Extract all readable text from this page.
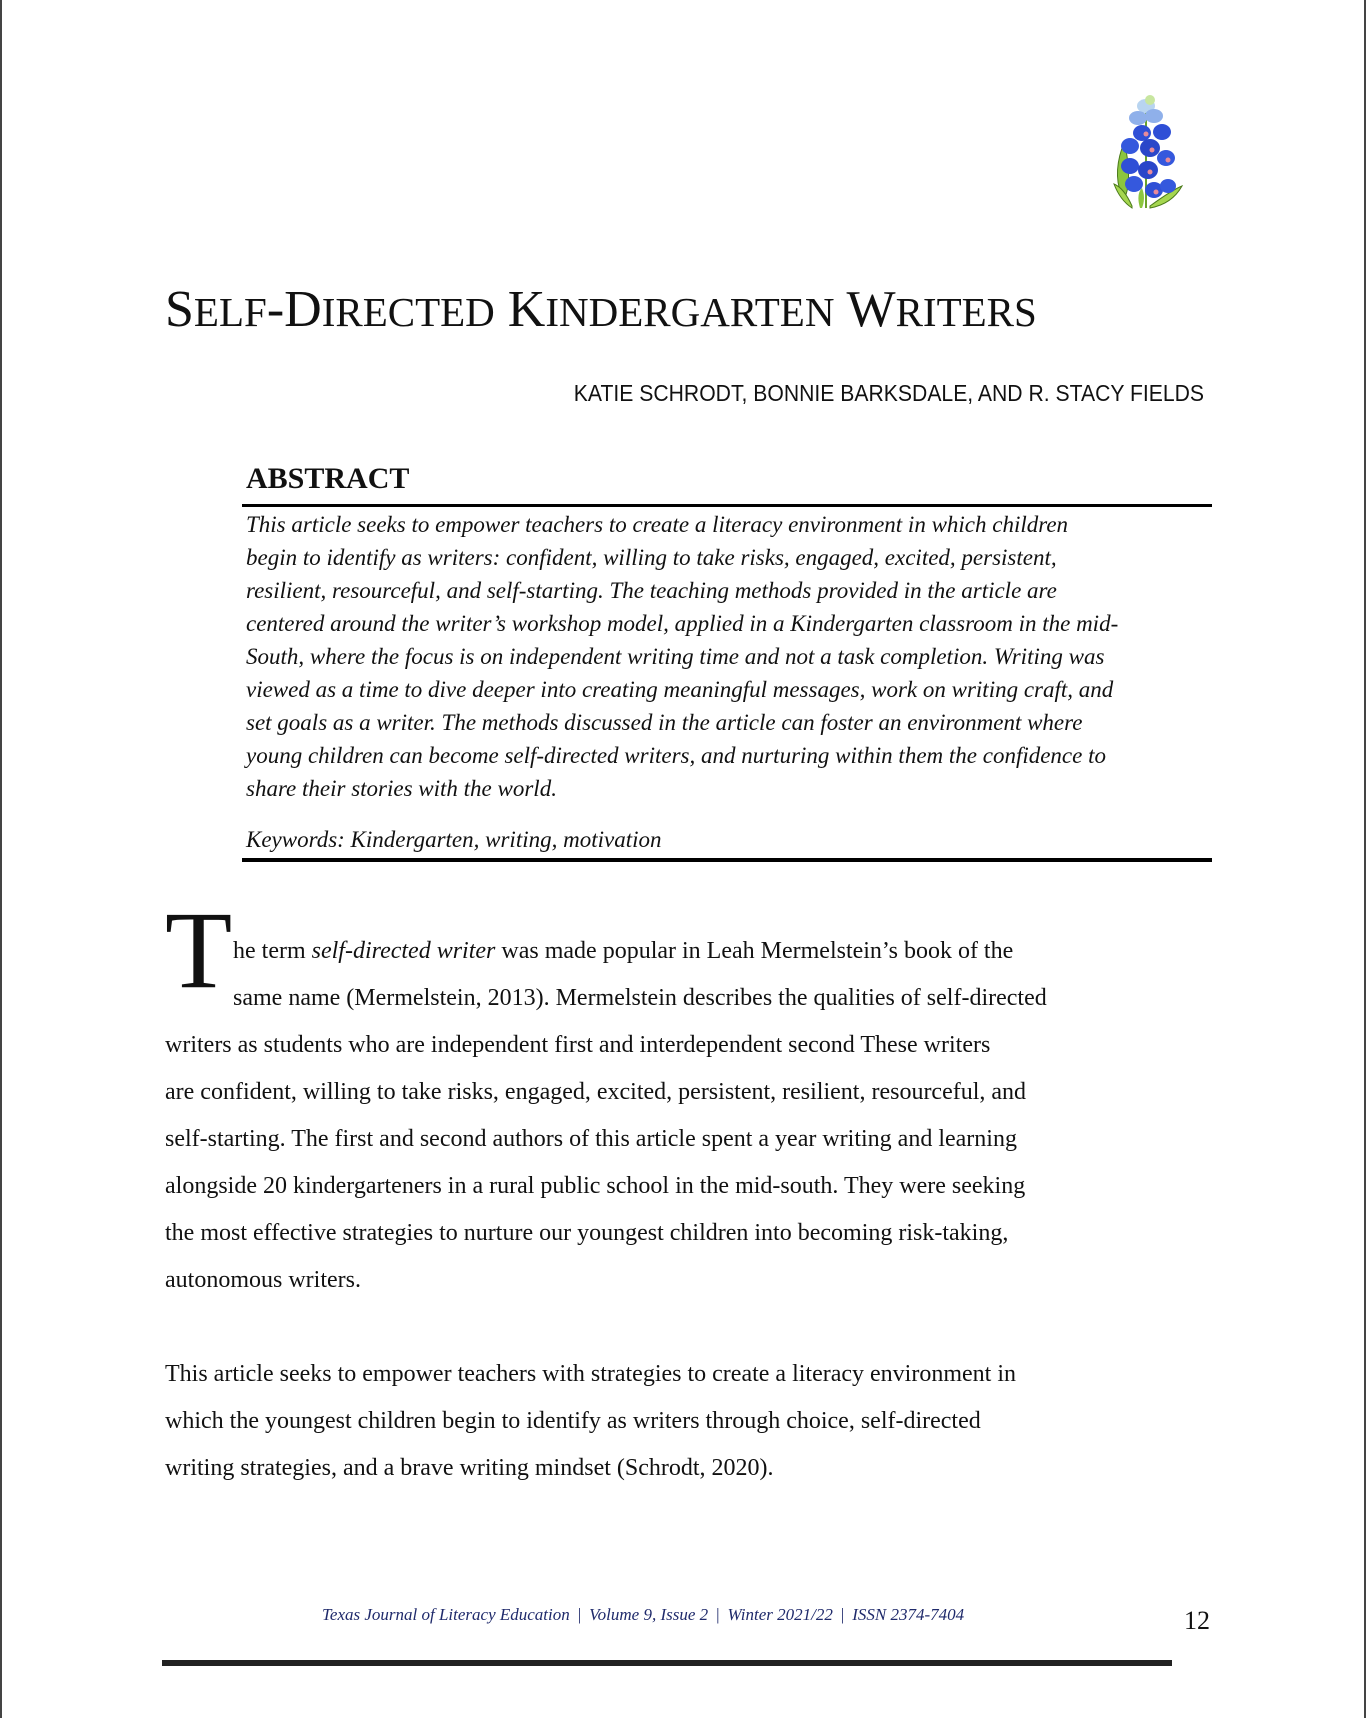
SELF-DIRECTED KINDERGARTEN WRITERS
KATIE SCHRODT, BONNIE BARKSDALE, AND R. STACY FIELDS
ABSTRACT

This article seeks to empower teachers to create a literacy environment in which children

begin to identify as writers: confident, willing to take risks, engaged, excited, persistent,

resilient, resourceful, and self-starting. The teaching methods provided in the article are

centered around the writer’s workshop model, applied in a Kindergarten classroom in the mid-

South, where the focus is on independent writing time and not a task completion. Writing was

viewed as a time to dive deeper into creating meaningful messages, work on writing craft, and

set goals as a writer. The methods discussed in the article can foster an environment where

young children can become self-directed writers, and nurturing within them the confidence to

share their stories with the world.

Keywords: Kindergarten, writing, motivation
T he term self-directed writer was made popular in Leah Mermelstein’s book of the
same name (Mermelstein, 2013). Mermelstein describes the qualities of self-directed
writers as students who are independent first and interdependent second These writers
are confident, willing to take risks, engaged, excited, persistent, resilient, resourceful, and
self-starting. The first and second authors of this article spent a year writing and learning
alongside 20 kindergarteners in a rural public school in the mid-south. They were seeking
the most effective strategies to nurture our youngest children into becoming risk-taking,
autonomous writers.
This article seeks to empower teachers with strategies to create a literacy environment in
which the youngest children begin to identify as writers through choice, self-directed
writing strategies, and a brave writing mindset (Schrodt, 2020).
Texas Journal of Literacy Education | Volume 9, Issue 2 | Winter 2021/22 | ISSN 2374-7404	12
